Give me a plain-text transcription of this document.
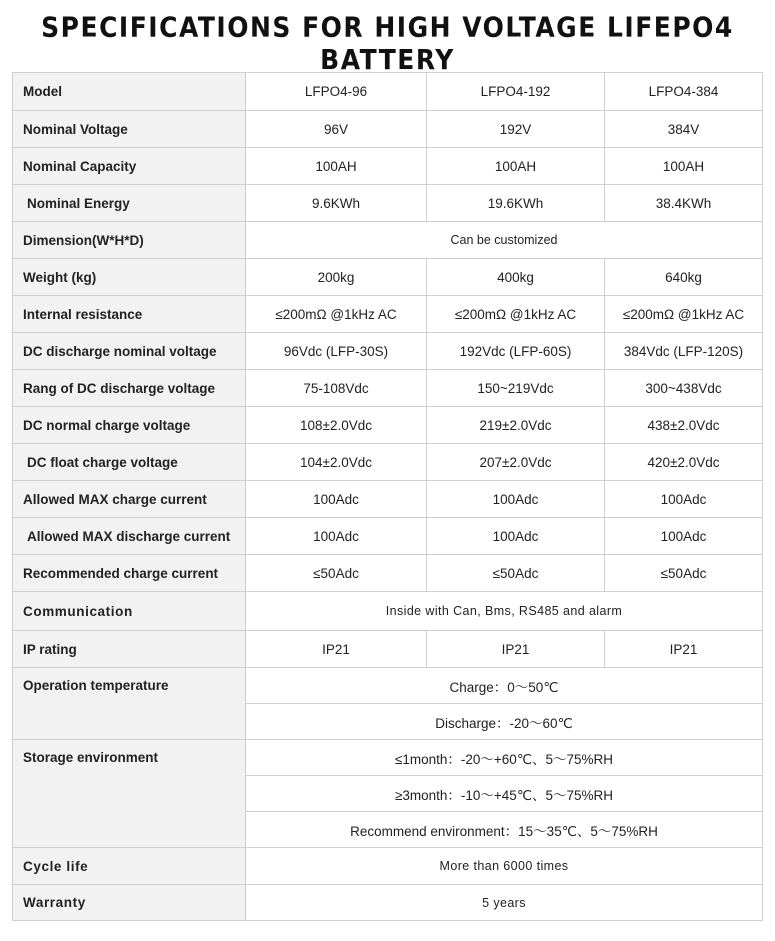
SPECIFICATIONS FOR HIGH VOLTAGE LIFEPO4 BATTERY
Model	LFPO4-96	LFPO4-192	LFPO4-384
Nominal Voltage	96V	192V	384V
Nominal Capacity	100AH	100AH	100AH
Nominal Energy	9.6KWh	19.6KWh	38.4KWh
Dimension(W*H*D)	Can be customized		
Weight (kg)	200kg	400kg	640kg
Internal resistance	≤200mΩ @1kHz AC	≤200mΩ @1kHz AC	≤200mΩ @1kHz AC
DC discharge nominal voltage	96Vdc (LFP-30S)	192Vdc (LFP-60S)	384Vdc (LFP-120S)
Rang of DC discharge voltage	75-108Vdc	150~219Vdc	300~438Vdc
DC normal charge voltage	108±2.0Vdc	219±2.0Vdc	438±2.0Vdc
DC float charge voltage	104±2.0Vdc	207±2.0Vdc	420±2.0Vdc
Allowed MAX charge current	100Adc	100Adc	100Adc
Allowed MAX discharge current	100Adc	100Adc	100Adc
Recommended charge current	≤50Adc	≤50Adc	≤50Adc
Communication	Inside with Can, Bms, RS485 and alarm		
IP rating	IP21	IP21	IP21
Operation temperature	Charge：0～50℃		
	Discharge：-20～60℃		
Storage environment	≤1month：-20～+60℃、5～75%RH		
	≥3month：-10～+45℃、5～75%RH		
	Recommend environment：15～35℃、5～75%RH		
Cycle life	More than 6000 times		
Warranty	5 years		
